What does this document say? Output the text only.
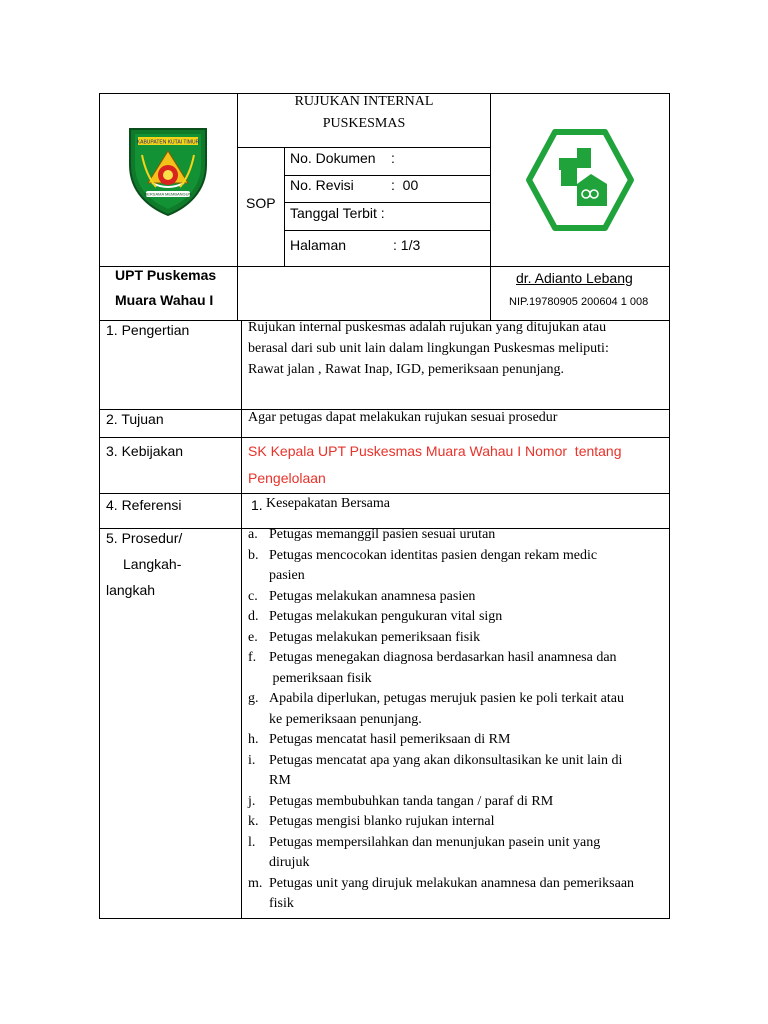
KABUPATEN KUTAI TIMUR
BERSAMA MEMBANGUN
RUJUKAN INTERNAL
PUSKESMAS
SOP
No. Dokumen :
No. Revisi	:  00
Tanggal Terbit :
Halaman	: 1/3
UPT Puskemas
Muara Wahau I
dr. Adianto Lebang
NIP.19780905 200604 1 008
1. Pengertian	Rujukan internal puskesmas adalah rujukan yang ditujukan atau
berasal dari sub unit lain dalam lingkungan Puskesmas meliputi:
Rawat jalan , Rawat Inap, IGD, pemeriksaan penunjang.
2. Tujuan	Agar petugas dapat melakukan rujukan sesuai prosedur
3. Kebijakan	SK Kepala UPT Puskesmas Muara Wahau I Nomor  tentang
Pengelolaan
4. Referensi	1. Kesepakatan Bersama
5. Prosedur/
Langkah-
langkah
a. Petugas memanggil pasien sesuai urutan
b. Petugas mencocokan identitas pasien dengan rekam medic
pasien
c. Petugas melakukan anamnesa pasien
d. Petugas melakukan pengukuran vital sign
e. Petugas melakukan pemeriksaan fisik
f. Petugas menegakan diagnosa berdasarkan hasil anamnesa dan
pemeriksaan fisik
g. Apabila diperlukan, petugas merujuk pasien ke poli terkait atau
ke pemeriksaan penunjang.
h. Petugas mencatat hasil pemeriksaan di RM
i. Petugas mencatat apa yang akan dikonsultasikan ke unit lain di
RM
j. Petugas membubuhkan tanda tangan / paraf di RM
k. Petugas mengisi blanko rujukan internal
l. Petugas mempersilahkan dan menunjukan pasein unit yang
dirujuk
m. Petugas unit yang dirujuk melakukan anamnesa dan pemeriksaan
fisik
